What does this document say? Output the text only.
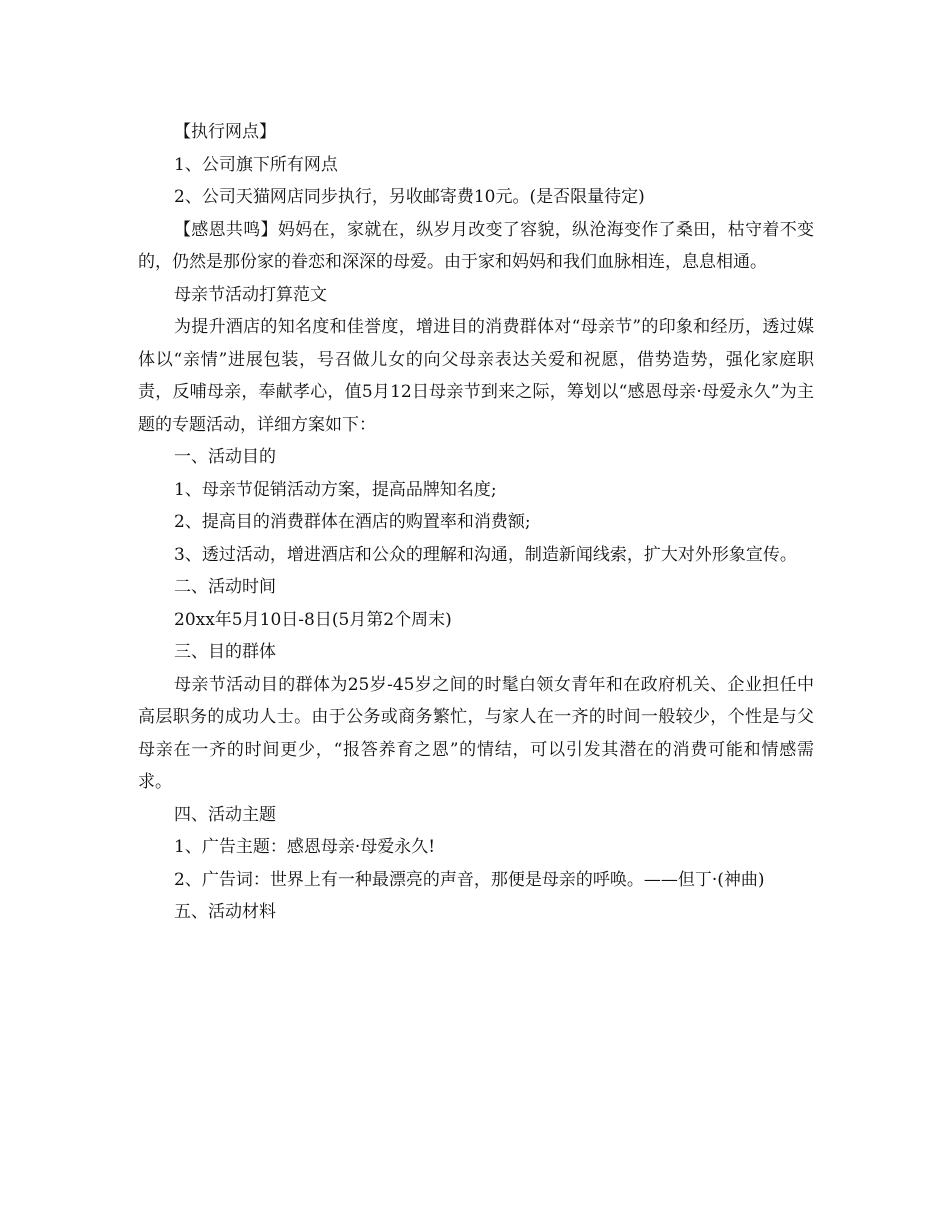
【执行网点】

1、公司旗下所有网点

2、公司天猫网店同步执行，另收邮寄费10元。(是否限量待定)

【感恩共鸣】妈妈在，家就在，纵岁月改变了容貌，纵沧海变作了桑田，枯守着不变的，仍然是那份家的眷恋和深深的母爱。由于家和妈妈和我们血脉相连，息息相通。

母亲节活动打算范文

为提升酒店的知名度和佳誉度，增进目的消费群体对“母亲节”的印象和经历，透过媒体以“亲情”进展包装，号召做儿女的向父母亲表达关爱和祝愿，借势造势，强化家庭职责，反哺母亲，奉献孝心，值5月12日母亲节到来之际，筹划以“感恩母亲·母爱永久”为主题的专题活动，详细方案如下：

一、活动目的

1、母亲节促销活动方案，提高品牌知名度;

2、提高目的消费群体在酒店的购置率和消费额;

3、透过活动，增进酒店和公众的理解和沟通，制造新闻线索，扩大对外形象宣传。

二、活动时间

20xx年5月10日-8日(5月第2个周末)

三、目的群体

母亲节活动目的群体为25岁-45岁之间的时髦白领女青年和在政府机关、企业担任中高层职务的成功人士。由于公务或商务繁忙，与家人在一齐的时间一般较少，个性是与父母亲在一齐的时间更少，“报答养育之恩”的情结，可以引发其潜在的消费可能和情感需求。

四、活动主题

1、广告主题：感恩母亲·母爱永久!

2、广告词：世界上有一种最漂亮的声音，那便是母亲的呼唤。——但丁·(神曲)

五、活动材料
